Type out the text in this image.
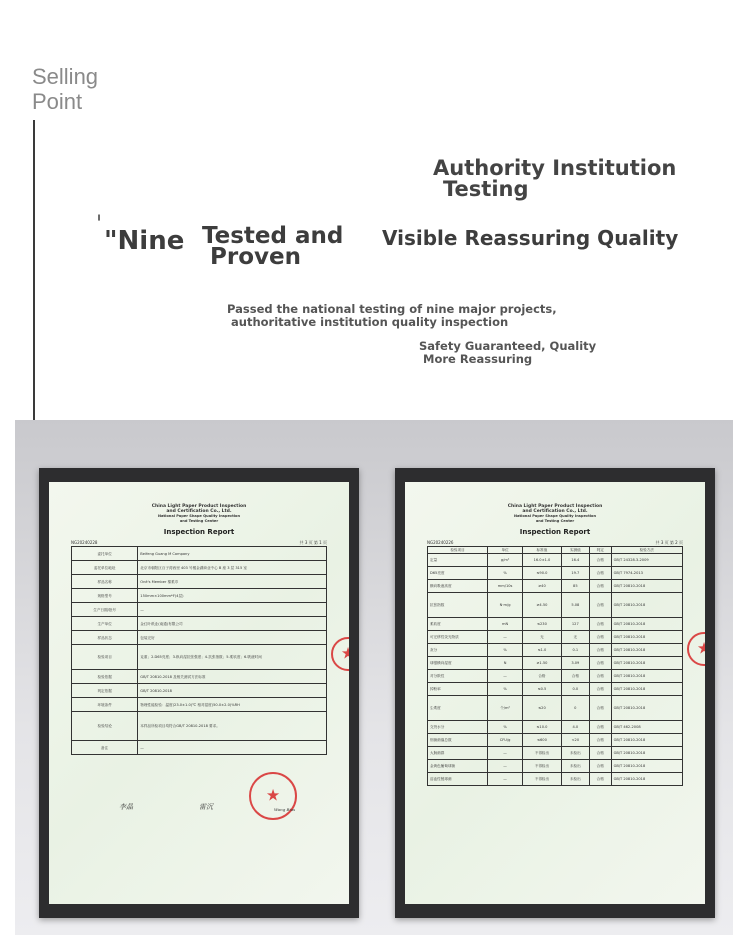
Selling
Point
Authority Institution
Testing
'
"Nine Tested and
Proven
Visible Reassuring Quality
Passed the national testing of nine major projects,
authoritative institution quality inspection
Safety Guaranteed, Quality
More Reassuring
China Light Paper Product Inspection
and Certification Co., Ltd.
National Paper Shape Quality Inspection
and Testing Center
Inspection Report
NG20240228	共 3 页 第 1 页
委托单位	Beifeng Guang M Company
委托单位地址	北京市朝阳区百子湾西里 403 号楼金湖商业中心 B 座 3 层 315 室
样品名称	Oné's Member 棉柔巾
规格型号	150mm×100mm*F(4层)
生产日期/批号	—
生产单位	金红叶纸业(南通)有限公司
样品状态	包装完好
检验项目	克重；2.D65亮度；3.纵向湿抗张强度；4.抗张指数；5.柔软度；6.吸液时间
检验依据	GB/T 20810-2018 及相关测试方法标准
判定依据	GB/T 20810-2018
环境条件	物理性能检验：温度(23.0±1.0)℃ 相对湿度(50.0±2.0)%RH
检验结论	本样品所检项目均符合GB/T 20810-2018 要求。
备注	—
★
★
李晶	雷沉	Wang Bias
China Light Paper Product Inspection
and Certification Co., Ltd.
National Paper Shape Quality Inspection
and Testing Center
Inspection Report
NG20240226	共 3 页 第 2 页
检验项目	单位	标准值	实测值	判定	检验方法
定量	g/m²	16.0±1.0	16.4	合格	GB/T 24328.3-2009
D65亮度	%	≤90.0	19.7	合格	GB/T 7974-2013
横向吸液高度	mm/10s	≥40	85	合格	GB/T 20810-2018
抗张指数	N·m/g	≥4.50	5.08	合格	GB/T 20810-2018
柔软度	mN	≤230	127	合格	GB/T 20810-2018
可迁移性荧光物质	—	无	无	合格	GB/T 20810-2018
灰分	%	≤1.0	0.1	合格	GB/T 20810-2018
球强横向湿度	N	≥1.50	3.09	合格	GB/T 20810-2018
对分散性	—	合格	合格	合格	GB/T 20810-2018
掉粉率	%	≤0.5	0.0	合格	GB/T 20810-2018
尘埃度	个/m²	≤20	0	合格	GB/T 20810-2018
交货水分	%	≤10.0	4.0	合格	GB/T 462-2008
细菌菌落总数	CFU/g	≤600	<20	合格	GB/T 20810-2018
大肠菌群	—	不得检出	未检出	合格	GB/T 20810-2018
金黄色葡萄球菌	—	不得检出	未检出	合格	GB/T 20810-2018
溶血性链球菌	—	不得检出	未检出	合格	GB/T 20810-2018
★
